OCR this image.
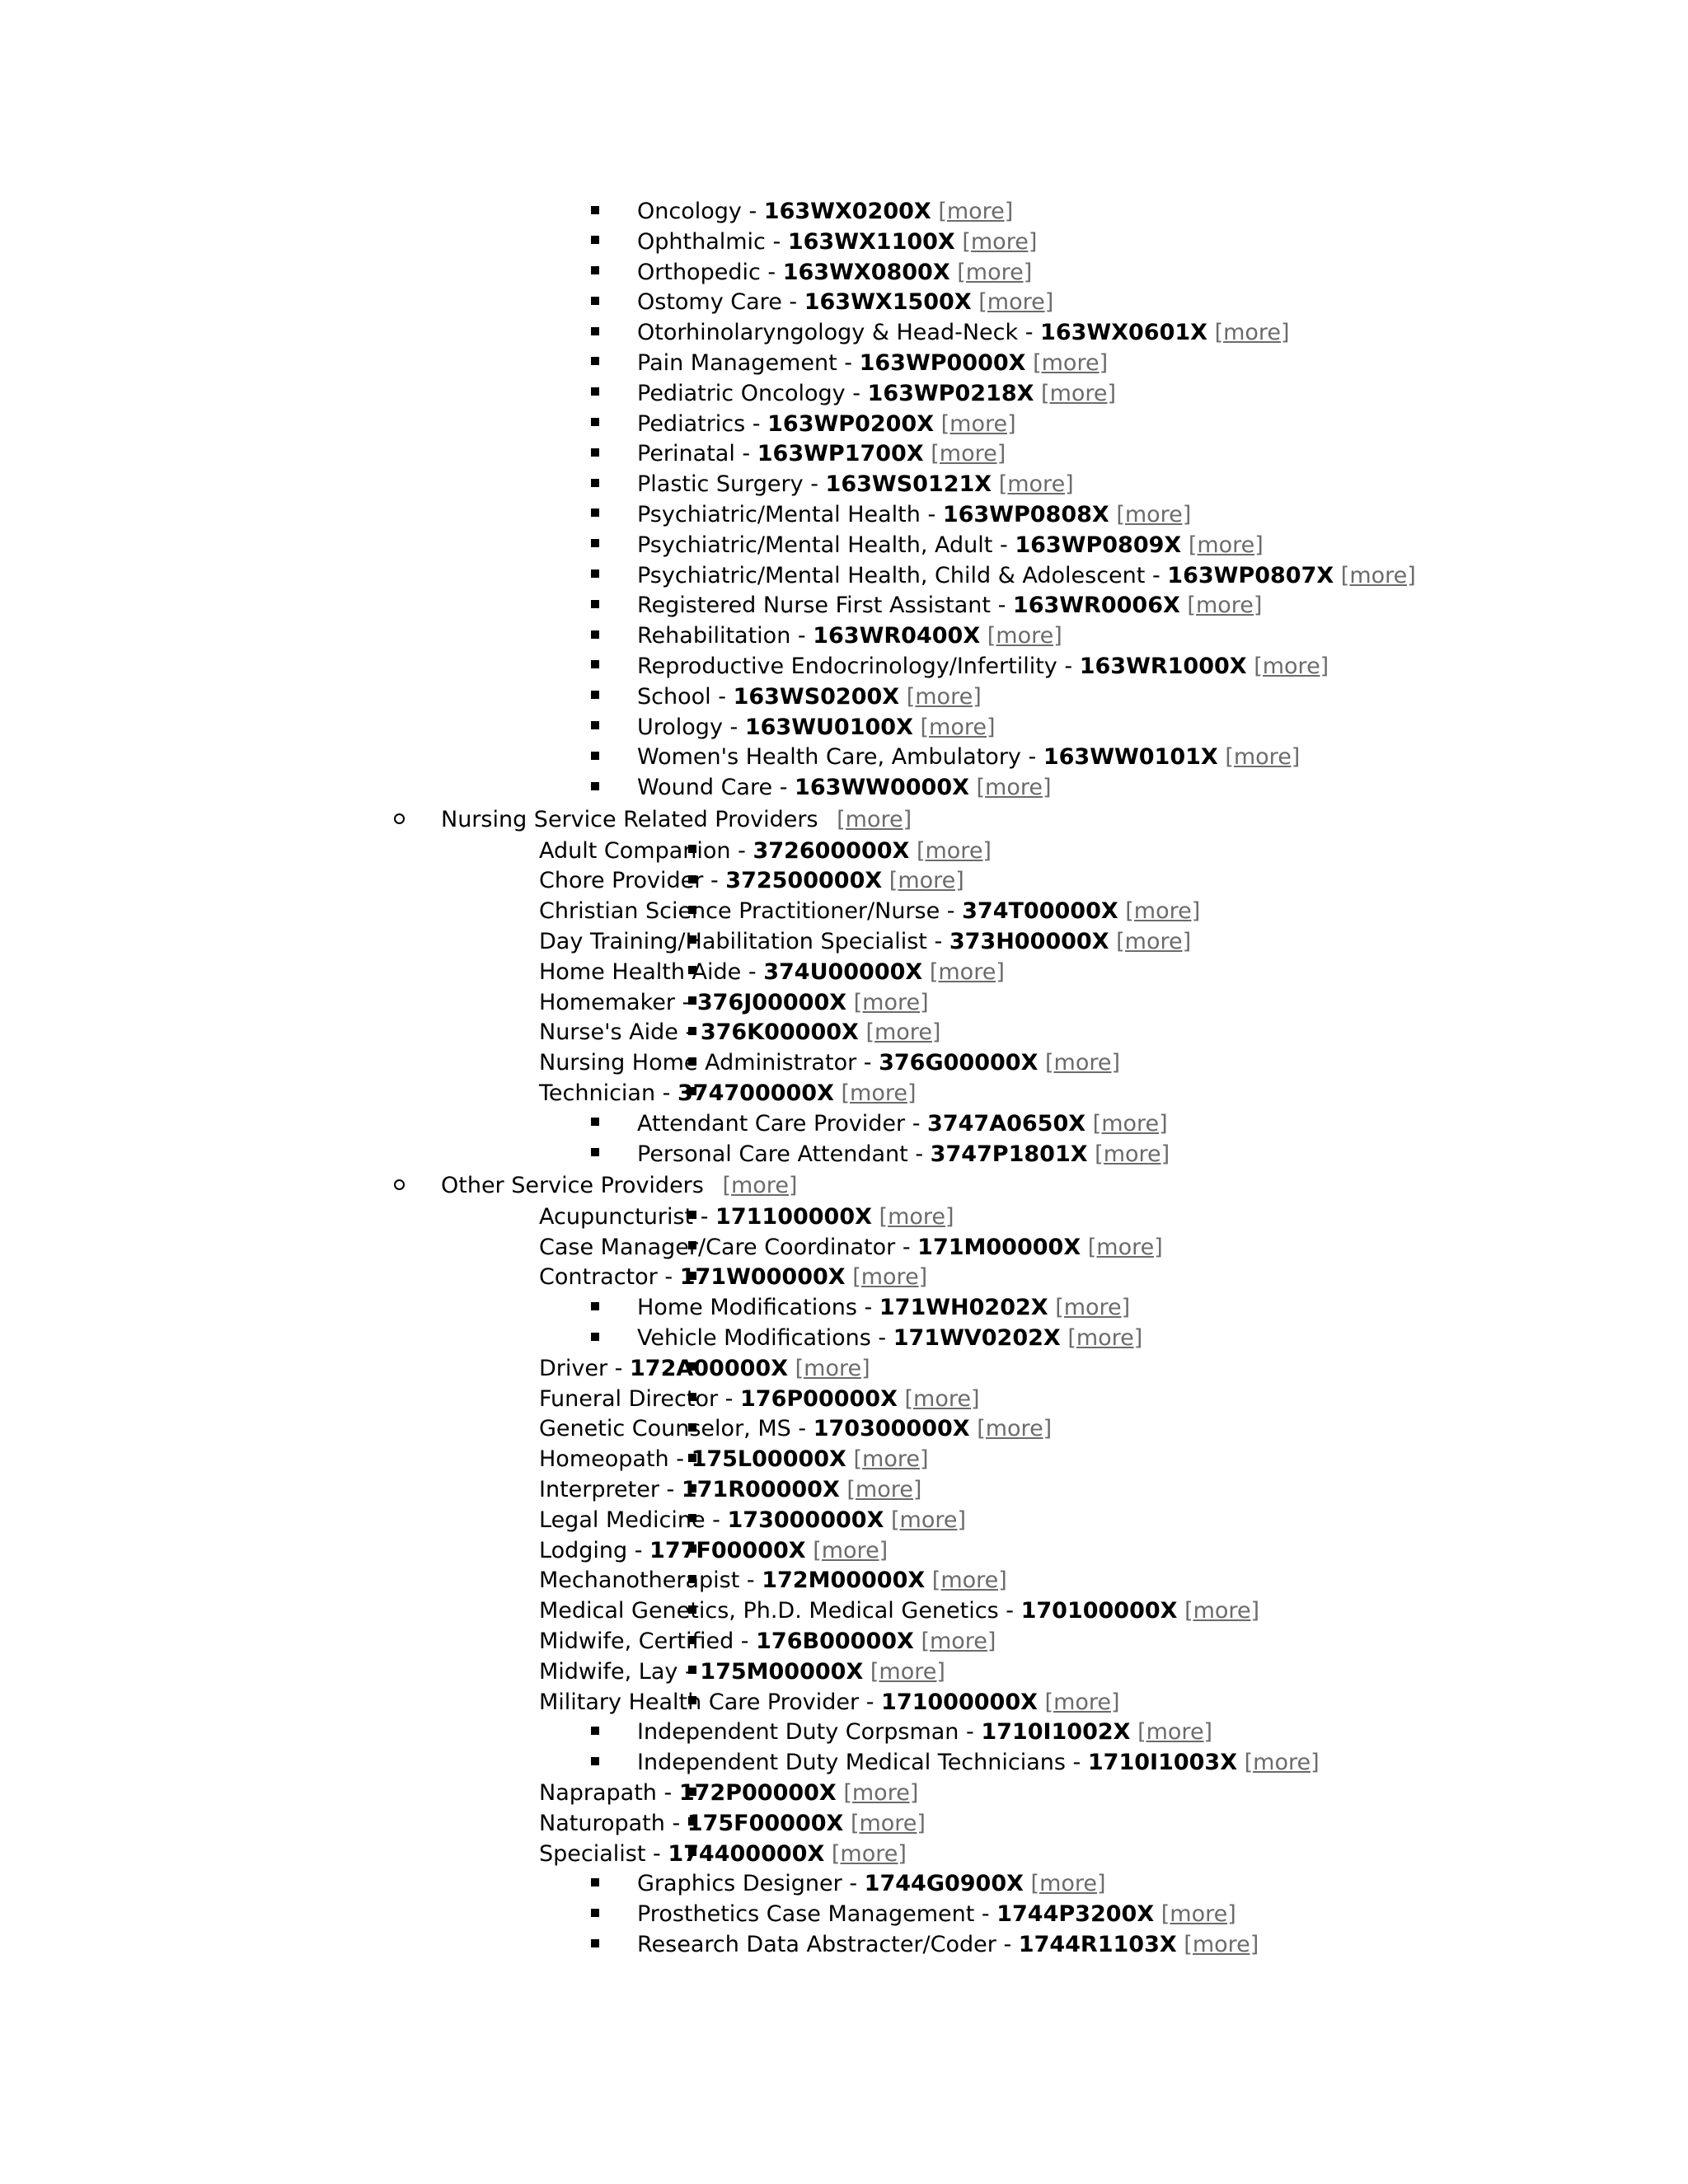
Oncology - 163WX0200X [more]
Ophthalmic - 163WX1100X [more]
Orthopedic - 163WX0800X [more]
Ostomy Care - 163WX1500X [more]
Otorhinolaryngology & Head-Neck - 163WX0601X [more]
Pain Management - 163WP0000X [more]
Pediatric Oncology - 163WP0218X [more]
Pediatrics - 163WP0200X [more]
Perinatal - 163WP1700X [more]
Plastic Surgery - 163WS0121X [more]
Psychiatric/Mental Health - 163WP0808X [more]
Psychiatric/Mental Health, Adult - 163WP0809X [more]
Psychiatric/Mental Health, Child & Adolescent - 163WP0807X [more]
Registered Nurse First Assistant - 163WR0006X [more]
Rehabilitation - 163WR0400X [more]
Reproductive Endocrinology/Infertility - 163WR1000X [more]
School - 163WS0200X [more]
Urology - 163WU0100X [more]
Women's Health Care, Ambulatory - 163WW0101X [more]
Wound Care - 163WW0000X [more]
Nursing Service Related Providers [more]
Adult Companion - 372600000X [more]
Chore Provider - 372500000X [more]
Christian Science Practitioner/Nurse - 374T00000X [more]
Day Training/Habilitation Specialist - 373H00000X [more]
Home Health Aide - 374U00000X [more]
Homemaker - 376J00000X [more]
Nurse's Aide - 376K00000X [more]
Nursing Home Administrator - 376G00000X [more]
Technician - 374700000X [more]
Attendant Care Provider - 3747A0650X [more]
Personal Care Attendant - 3747P1801X [more]
Other Service Providers [more]
Acupuncturist - 171100000X [more]
Case Manager/Care Coordinator - 171M00000X [more]
Contractor - 171W00000X [more]
Home Modifications - 171WH0202X [more]
Vehicle Modifications - 171WV0202X [more]
Driver - 172A00000X [more]
Funeral Director - 176P00000X [more]
Genetic Counselor, MS - 170300000X [more]
Homeopath - 175L00000X [more]
Interpreter - 171R00000X [more]
Legal Medicine - 173000000X [more]
Lodging - 177F00000X [more]
Mechanotherapist - 172M00000X [more]
Medical Genetics, Ph.D. Medical Genetics - 170100000X [more]
Midwife, Certified - 176B00000X [more]
Midwife, Lay - 175M00000X [more]
Military Health Care Provider - 171000000X [more]
Independent Duty Corpsman - 1710I1002X [more]
Independent Duty Medical Technicians - 1710I1003X [more]
Naprapath - 172P00000X [more]
Naturopath - 175F00000X [more]
Specialist - 174400000X [more]
Graphics Designer - 1744G0900X [more]
Prosthetics Case Management - 1744P3200X [more]
Research Data Abstracter/Coder - 1744R1103X [more]
